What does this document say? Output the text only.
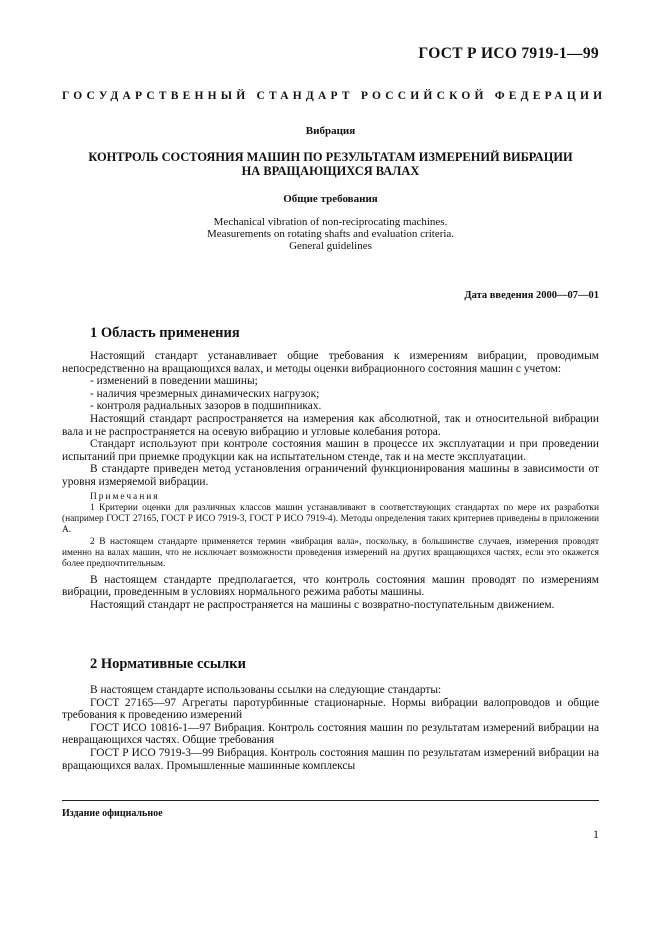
ГОСТ Р ИСО 7919-1—99
ГОСУДАРСТВЕННЫЙ СТАНДАРТ РОССИЙСКОЙ ФЕДЕРАЦИИ
Вибрация
КОНТРОЛЬ СОСТОЯНИЯ МАШИН ПО РЕЗУЛЬТАТАМ ИЗМЕРЕНИЙ ВИБРАЦИИ
НА ВРАЩАЮЩИХСЯ ВАЛАХ
Общие требования
Mechanical vibration of non-reciprocating machines.
Measurements on rotating shafts and evaluation criteria.
General guidelines
Дата введения 2000—07—01
1 Область применения

Настоящий стандарт устанавливает общие требования к измерениям вибрации, проводимым непосредственно на вращающихся валах, и методы оценки вибрационного состояния машин с учетом:

- изменений в поведении машины;

- наличия чрезмерных динамических нагрузок;

- контроля радиальных зазоров в подшипниках.

Настоящий стандарт распространяется на измерения как абсолютной, так и относительной вибрации вала и не распространяется на осевую вибрацию и угловые колебания ротора.

Стандарт используют при контроле состояния машин в процессе их эксплуатации и при проведении испытаний при приемке продукции как на испытательном стенде, так и на месте эксплуатации.

В стандарте приведен метод установления ограничений функционирования машины в зависимости от уровня измеряемой вибрации.

Примечания

1 Критерии оценки для различных классов машин устанавливают в соответствующих стандартах по мере их разработки (например ГОСТ 27165, ГОСТ Р ИСО 7919-3, ГОСТ Р ИСО 7919-4). Методы определения таких критериев приведены в приложении А.

2 В настоящем стандарте применяется термин «вибрация вала», поскольку, в большинстве случаев, измерения проводят именно на валах машин, что не исключает возможности проведения измерений на других вращающихся частях, если это окажется более предпочтительным.

В настоящем стандарте предполагается, что контроль состояния машин проводят по измерениям вибрации, проведенным в условиях нормального режима работы машины.

Настоящий стандарт не распространяется на машины с возвратно-поступательным движением.

2 Нормативные ссылки

В настоящем стандарте использованы ссылки на следующие стандарты:

ГОСТ 27165—97 Агрегаты паротурбинные стационарные. Нормы вибрации валопроводов и общие требования к проведению измерений

ГОСТ ИСО 10816-1—97 Вибрация. Контроль состояния машин по результатам измерений вибрации на невращающихся частях. Общие требования

ГОСТ Р ИСО 7919-3—99 Вибрация. Контроль состояния машин по результатам измерений вибрации на вращающихся валах. Промышленные машинные комплексы

Издание официальное
1
